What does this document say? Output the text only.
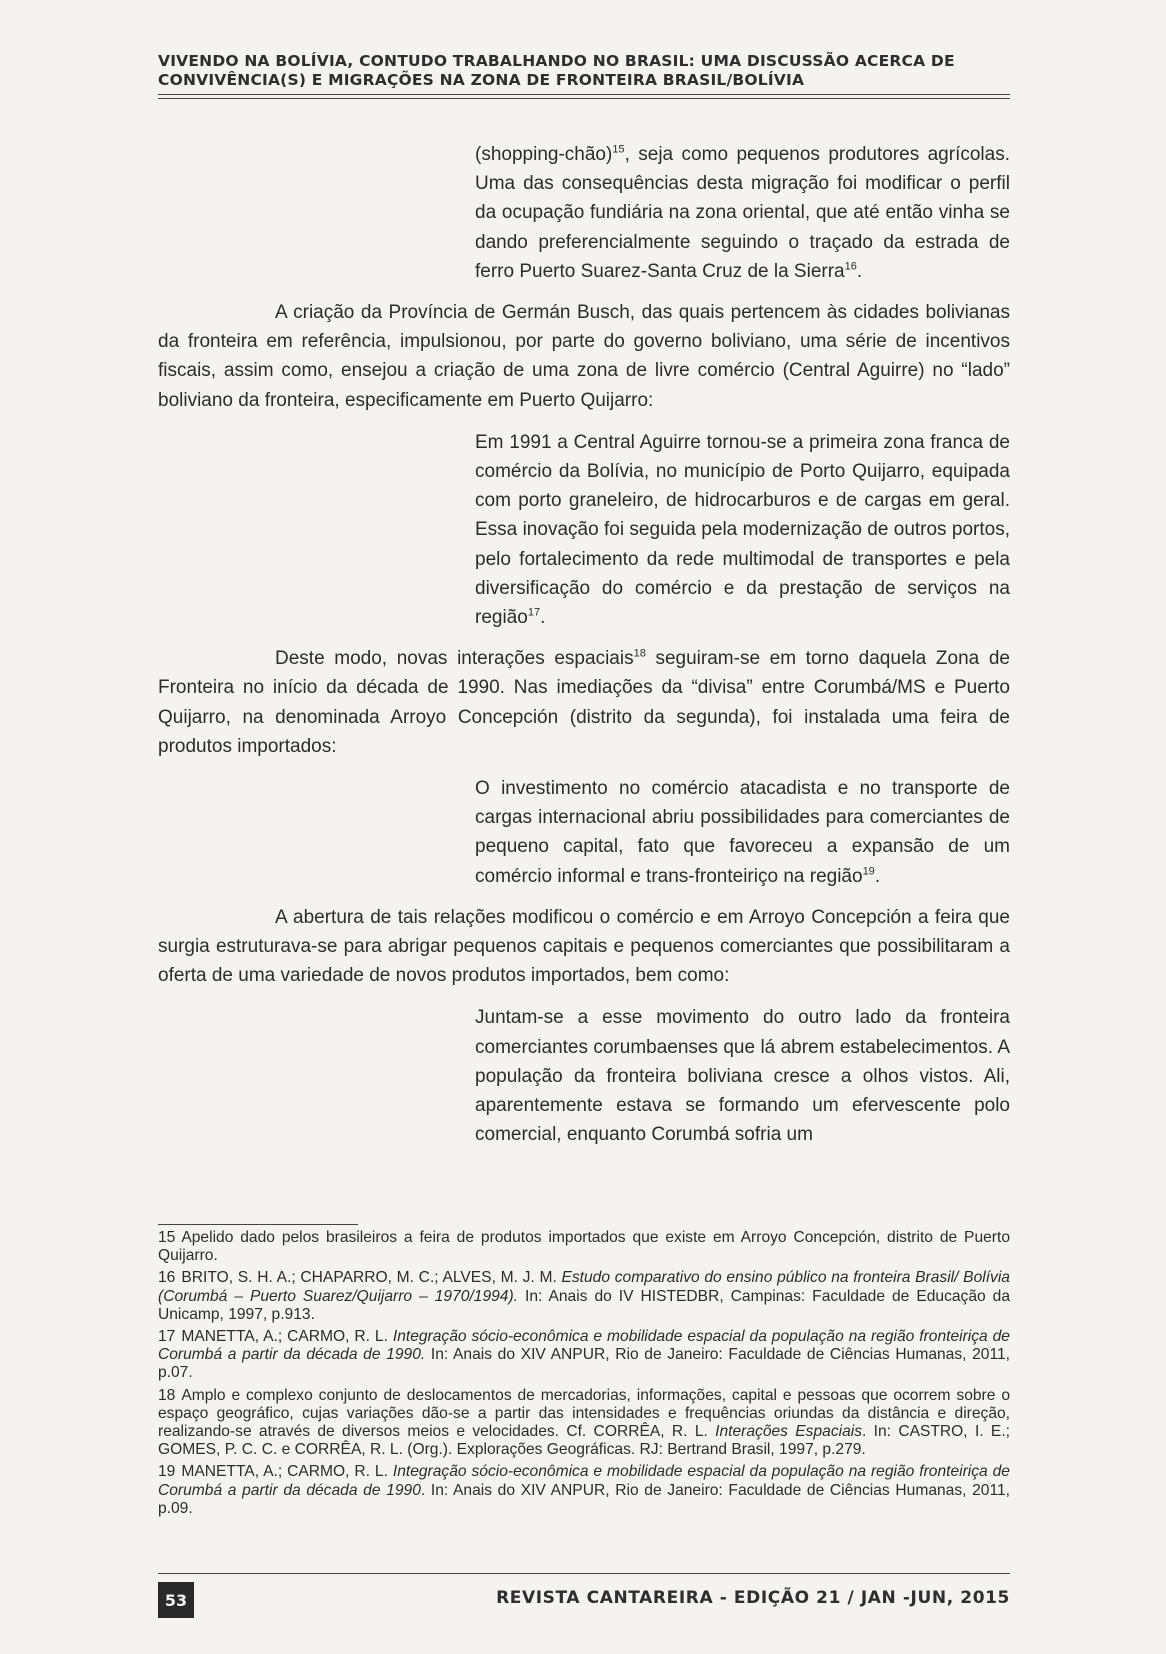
VIVENDO NA BOLÍVIA, CONTUDO TRABALHANDO NO BRASIL: UMA DISCUSSÃO ACERCA DE
CONVIVÊNCIA(S) E MIGRAÇÕES NA ZONA DE FRONTEIRA BRASIL/BOLÍVIA

(shopping-chão)$^{15}$, seja como pequenos produtores agrícolas. Uma das consequências desta migração foi modificar o perfil da ocupação fundiária na zona oriental, que até então vinha se dando preferencialmente seguindo o traçado da estrada de ferro Puerto Suarez-Santa Cruz de la Sierra$^{16}$.

A criação da Província de Germán Busch, das quais pertencem às cidades bolivianas da fronteira em referência, impulsionou, por parte do governo boliviano, uma série de incentivos fiscais, assim como, ensejou a criação de uma zona de livre comércio (Central Aguirre) no “lado” boliviano da fronteira, especificamente em Puerto Quijarro:

Em 1991 a Central Aguirre tornou-se a primeira zona franca de comércio da Bolívia, no município de Porto Quijarro, equipada com porto graneleiro, de hidrocarburos e de cargas em geral. Essa inovação foi seguida pela modernização de outros portos, pelo fortalecimento da rede multimodal de transportes e pela diversificação do comércio e da prestação de serviços na região$^{17}$.

Deste modo, novas interações espaciais$^{18}$ seguiram-se em torno daquela Zona de Fronteira no início da década de 1990. Nas imediações da “divisa” entre Corumbá/MS e Puerto Quijarro, na denominada Arroyo Concepción (distrito da segunda), foi instalada uma feira de produtos importados:

O investimento no comércio atacadista e no transporte de cargas internacional abriu possibilidades para comerciantes de pequeno capital, fato que favoreceu a expansão de um comércio informal e trans-fronteiriço na região$^{19}$.

A abertura de tais relações modificou o comércio e em Arroyo Concepción a feira que surgia estruturava-se para abrigar pequenos capitais e pequenos comerciantes que possibilitaram a oferta de uma variedade de novos produtos importados, bem como:

Juntam-se a esse movimento do outro lado da fronteira comerciantes corumbaenses que lá abrem estabelecimentos. A população da fronteira boliviana cresce a olhos vistos. Ali, aparentemente estava se formando um efervescente polo comercial, enquanto Corumbá sofria um

15 Apelido dado pelos brasileiros a feira de produtos importados que existe em Arroyo Concepción, distrito de Puerto Quijarro.

16 BRITO, S. H. A.; CHAPARRO, M. C.; ALVES, M. J. M. Estudo comparativo do ensino público na fronteira Brasil/ Bolívia (Corumbá – Puerto Suarez/Quijarro – 1970/1994). In: Anais do IV HISTEDBR, Campinas: Faculdade de Educação da Unicamp, 1997, p.913.

17 MANETTA, A.; CARMO, R. L. Integração sócio-econômica e mobilidade espacial da população na região fronteiriça de Corumbá a partir da década de 1990. In: Anais do XIV ANPUR, Rio de Janeiro: Faculdade de Ciências Humanas, 2011, p.07.

18 Amplo e complexo conjunto de deslocamentos de mercadorias, informações, capital e pessoas que ocorrem sobre o espaço geográfico, cujas variações dão-se a partir das intensidades e frequências oriundas da distância e direção, realizando-se através de diversos meios e velocidades. Cf. CORRÊA, R. L. Interações Espaciais. In: CASTRO, I. E.; GOMES, P. C. C. e CORRÊA, R. L. (Org.). Explorações Geográficas. RJ: Bertrand Brasil, 1997, p.279.

19 MANETTA, A.; CARMO, R. L. Integração sócio-econômica e mobilidade espacial da população na região fronteiriça de Corumbá a partir da década de 1990. In: Anais do XIV ANPUR, Rio de Janeiro: Faculdade de Ciências Humanas, 2011, p.09.

53	REVISTA CANTAREIRA - EDIÇÃO 21 / JAN -JUN, 2015
